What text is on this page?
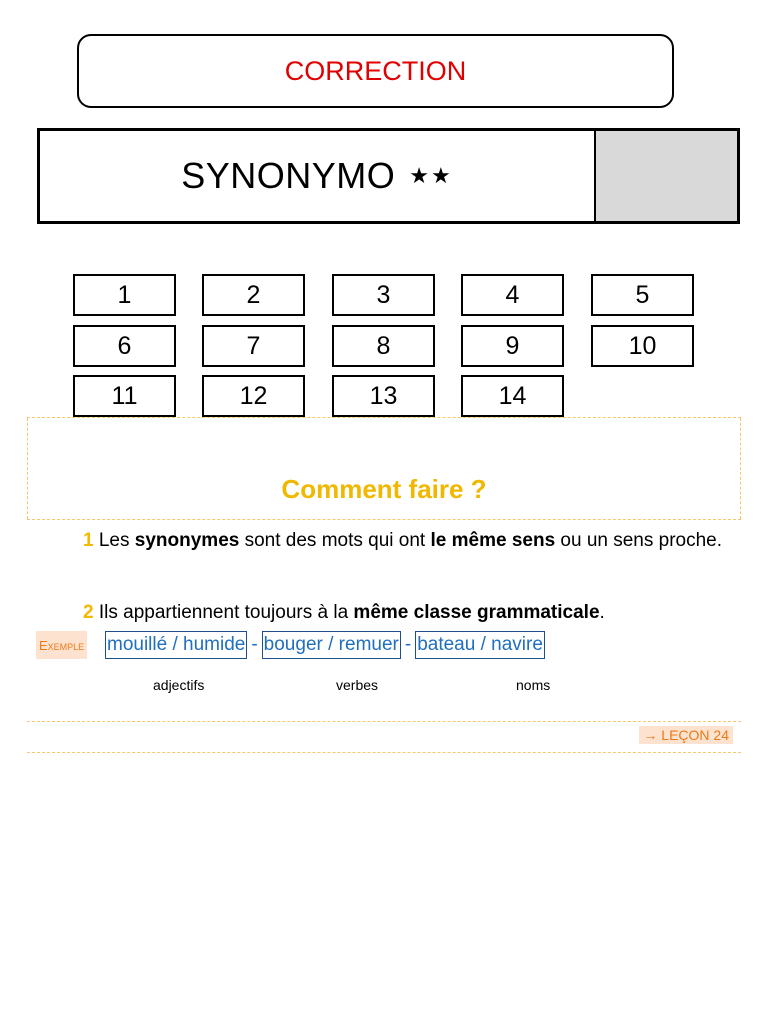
CORRECTION
SYNONYMO ★★
1	2	3	4	5
6	7	8	9	10
11	12	13	14
Comment faire ?
1 Les synonymes sont des mots qui ont le même sens ou un sens proche.
2 Ils appartiennent toujours à la même classe grammaticale.
Exemple mouillé / humide - bouger / remuer - bateau / navire
adjectifs	verbes	noms
→ LEÇON 24
